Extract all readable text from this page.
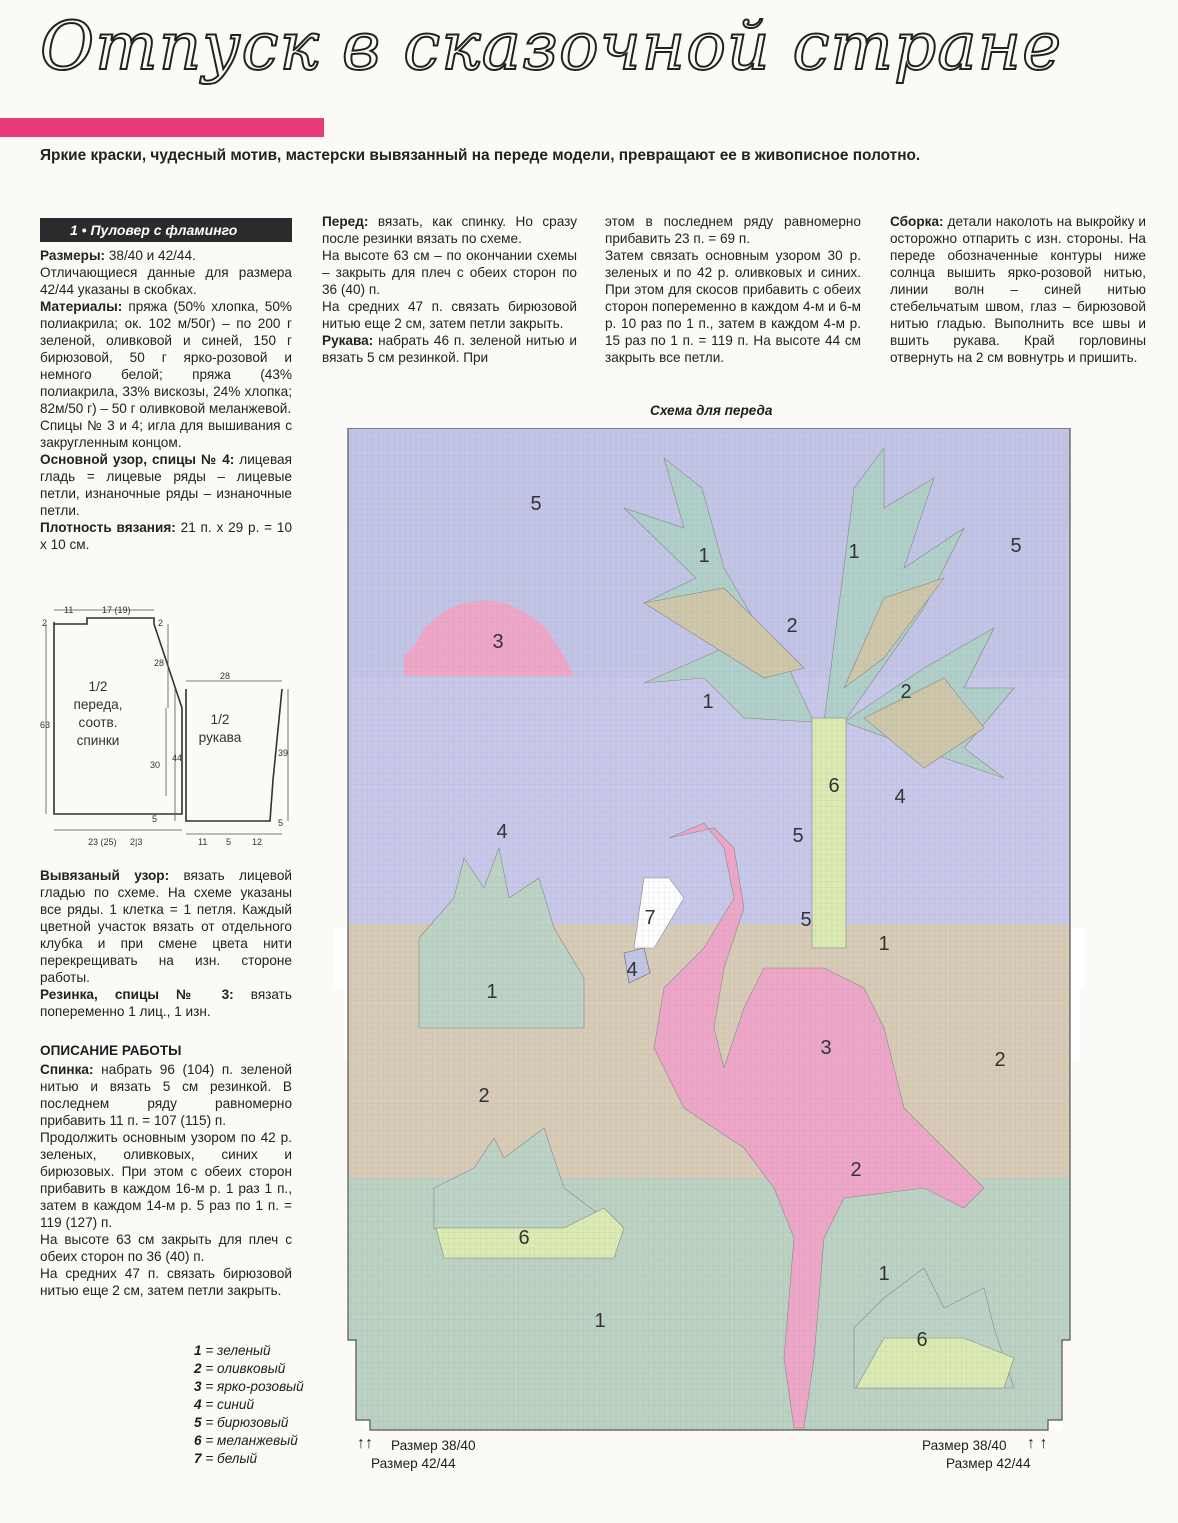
Отпуск в сказочной стране
Яркие краски, чудесный мотив, мастерски вывязанный на переде модели, превращают ее в живописное полотно.
1 • Пуловер с фламинго

Размеры: 38/40 и 42/44.

Отличающиеся данные для размера 42/44 указаны в скобках.

Материалы: пряжа (50% хлопка, 50% полиакрила; ок. 102 м/50г) – по 200 г зеленой, оливковой и синей, 150 г бирюзовой, 50 г ярко-розовой и немного белой; пряжа (43% полиакрила, 33% вискозы, 24% хлопка; 82м/50 г) – 50 г оливковой меланжевой.

Спицы № 3 и 4; игла для вышивания с закругленным концом.

Основной узор, спицы № 4: лицевая гладь = лицевые ряды – лицевые петли, изнаночные ряды – изнаночные петли.

Плотность вязания: 21 п. х 29 р. = 10 х 10 см.

11	17 (19)
2	2
28
63
30
5
23 (25) 2|3
28
44	39
5
11 5 12
1/2
переда,
соотв.
спинки
1/2
рукава

Вывязаный узор: вязать лицевой гладью по схеме. На схеме указаны все ряды. 1 клетка = 1 петля. Каждый цветной участок вязать от отдельного клубка и при смене цвета нити перекрещивать на изн. стороне работы.

Резинка, спицы № 3: вязать попеременно 1 лиц., 1 изн.

ОПИСАНИЕ РАБОТЫ

Спинка: набрать 96 (104) п. зеленой нитью и вязать 5 см резинкой. В последнем ряду равномерно прибавить 11 п. = 107 (115) п.

Продолжить основным узором по 42 р. зеленых, оливковых, синих и бирюзовых. При этом с обеих сторон прибавить в каждом 16-м р. 1 раз 1 п., затем в каждом 14-м р. 5 раз по 1 п. = 119 (127) п.

На высоте 63 см закрыть для плеч с обеих сторон по 36 (40) п.

На средних 47 п. связать бирюзовой нитью еще 2 см, затем петли закрыть.

Перед: вязать, как спинку. Но сразу после резинки вязать по схеме.

На высоте 63 см – по окончании схемы – закрыть для плеч с обеих сторон по 36 (40) п.

На средних 47 п. связать бирюзовой нитью еще 2 см, затем петли закрыть.

Рукава: набрать 46 п. зеленой нитью и вязать 5 см резинкой. При

этом в последнем ряду равномерно прибавить 23 п. = 69 п.

Затем связать основным узором 30 р. зеленых и по 42 р. оливковых и синих. При этом для скосов прибавить с обеих сторон попеременно в каждом 4-м и 6-м р. 10 раз по 1 п., затем в каждом 4-м р. 15 раз по 1 п. = 119 п. На высоте 44 см закрыть все петли.

Сборка: детали наколоть на выкройку и осторожно отпарить с изн. стороны. На переде обозначенные контуры ниже солнца вышить ярко-розовой нитью, линии волн – синей нитью стебельчатым швом, глаз – бирюзовой нитью гладью. Выполнить все швы и вшить рукава. Край горловины отвернуть на 2 см вовнутрь и пришить.

Схема для переда
5
5
1	1
2
3
1	2
6	4
4	5
5
7
4
1
1
3
2
2
2
6
1
6
1
Размер 38/40
Размер 42/44
Размер 38/40
Размер 42/44
↑↑	↑ ↑
1 = зеленый
2 = оливковый
3 = ярко-розовый
4 = синий
5 = бирюзовый
6 = меланжевый
7 = белый
